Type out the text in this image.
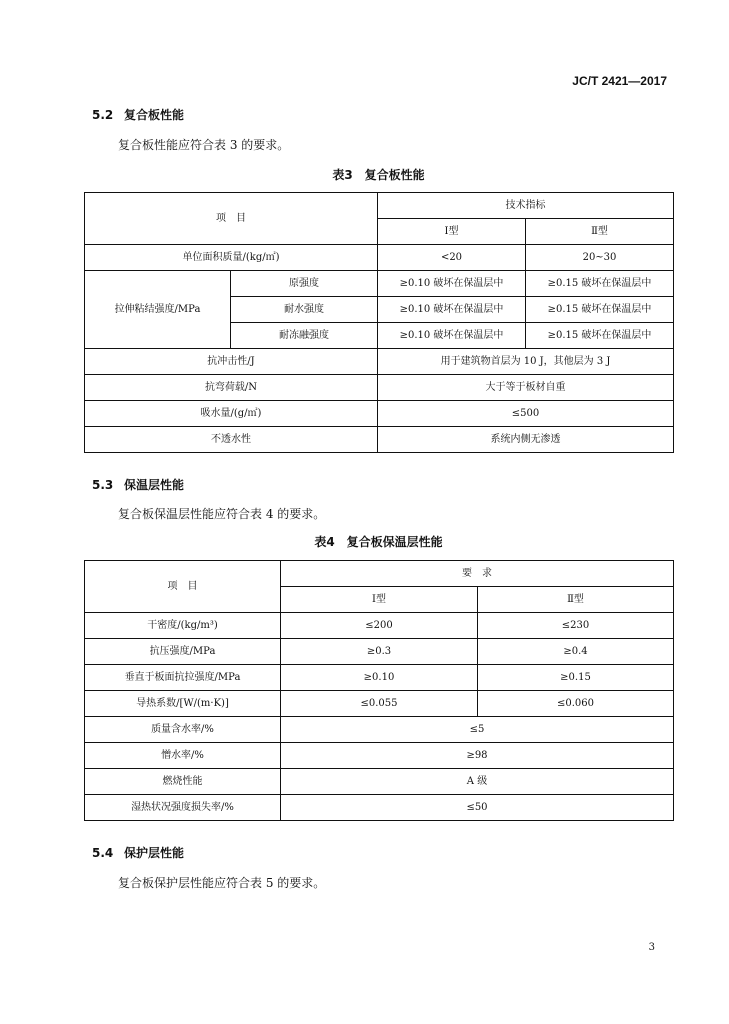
JC/T 2421—2017
5.2 复合板性能
复合板性能应符合表 3 的要求。
表3　复合板性能
项　目		技术指标	
		Ⅰ型	Ⅱ型
单位面积质量/(kg/㎡)		<20	20~30
拉伸粘结强度/MPa	原强度	≥0.10 破坏在保温层中	≥0.15 破坏在保温层中
	耐水强度	≥0.10 破坏在保温层中	≥0.15 破坏在保温层中
	耐冻融强度	≥0.10 破坏在保温层中	≥0.15 破坏在保温层中
抗冲击性/J		用于建筑物首层为 10 J，其他层为 3 J	
抗弯荷载/N		大于等于板材自重	
吸水量/(g/㎡)		≤500	
不透水性		系统内侧无渗透	
5.3 保温层性能
复合板保温层性能应符合表 4 的要求。
表4　复合板保温层性能
项　目	要　求	
	Ⅰ型	Ⅱ型
干密度/(kg/m³)	≤200	≤230
抗压强度/MPa	≥0.3	≥0.4
垂直于板面抗拉强度/MPa	≥0.10	≥0.15
导热系数/[W/(m·K)]	≤0.055	≤0.060
质量含水率/%	≤5	
憎水率/%	≥98	
燃烧性能	A 级	
湿热状况强度损失率/%	≤50	
5.4 保护层性能
复合板保护层性能应符合表 5 的要求。
3
